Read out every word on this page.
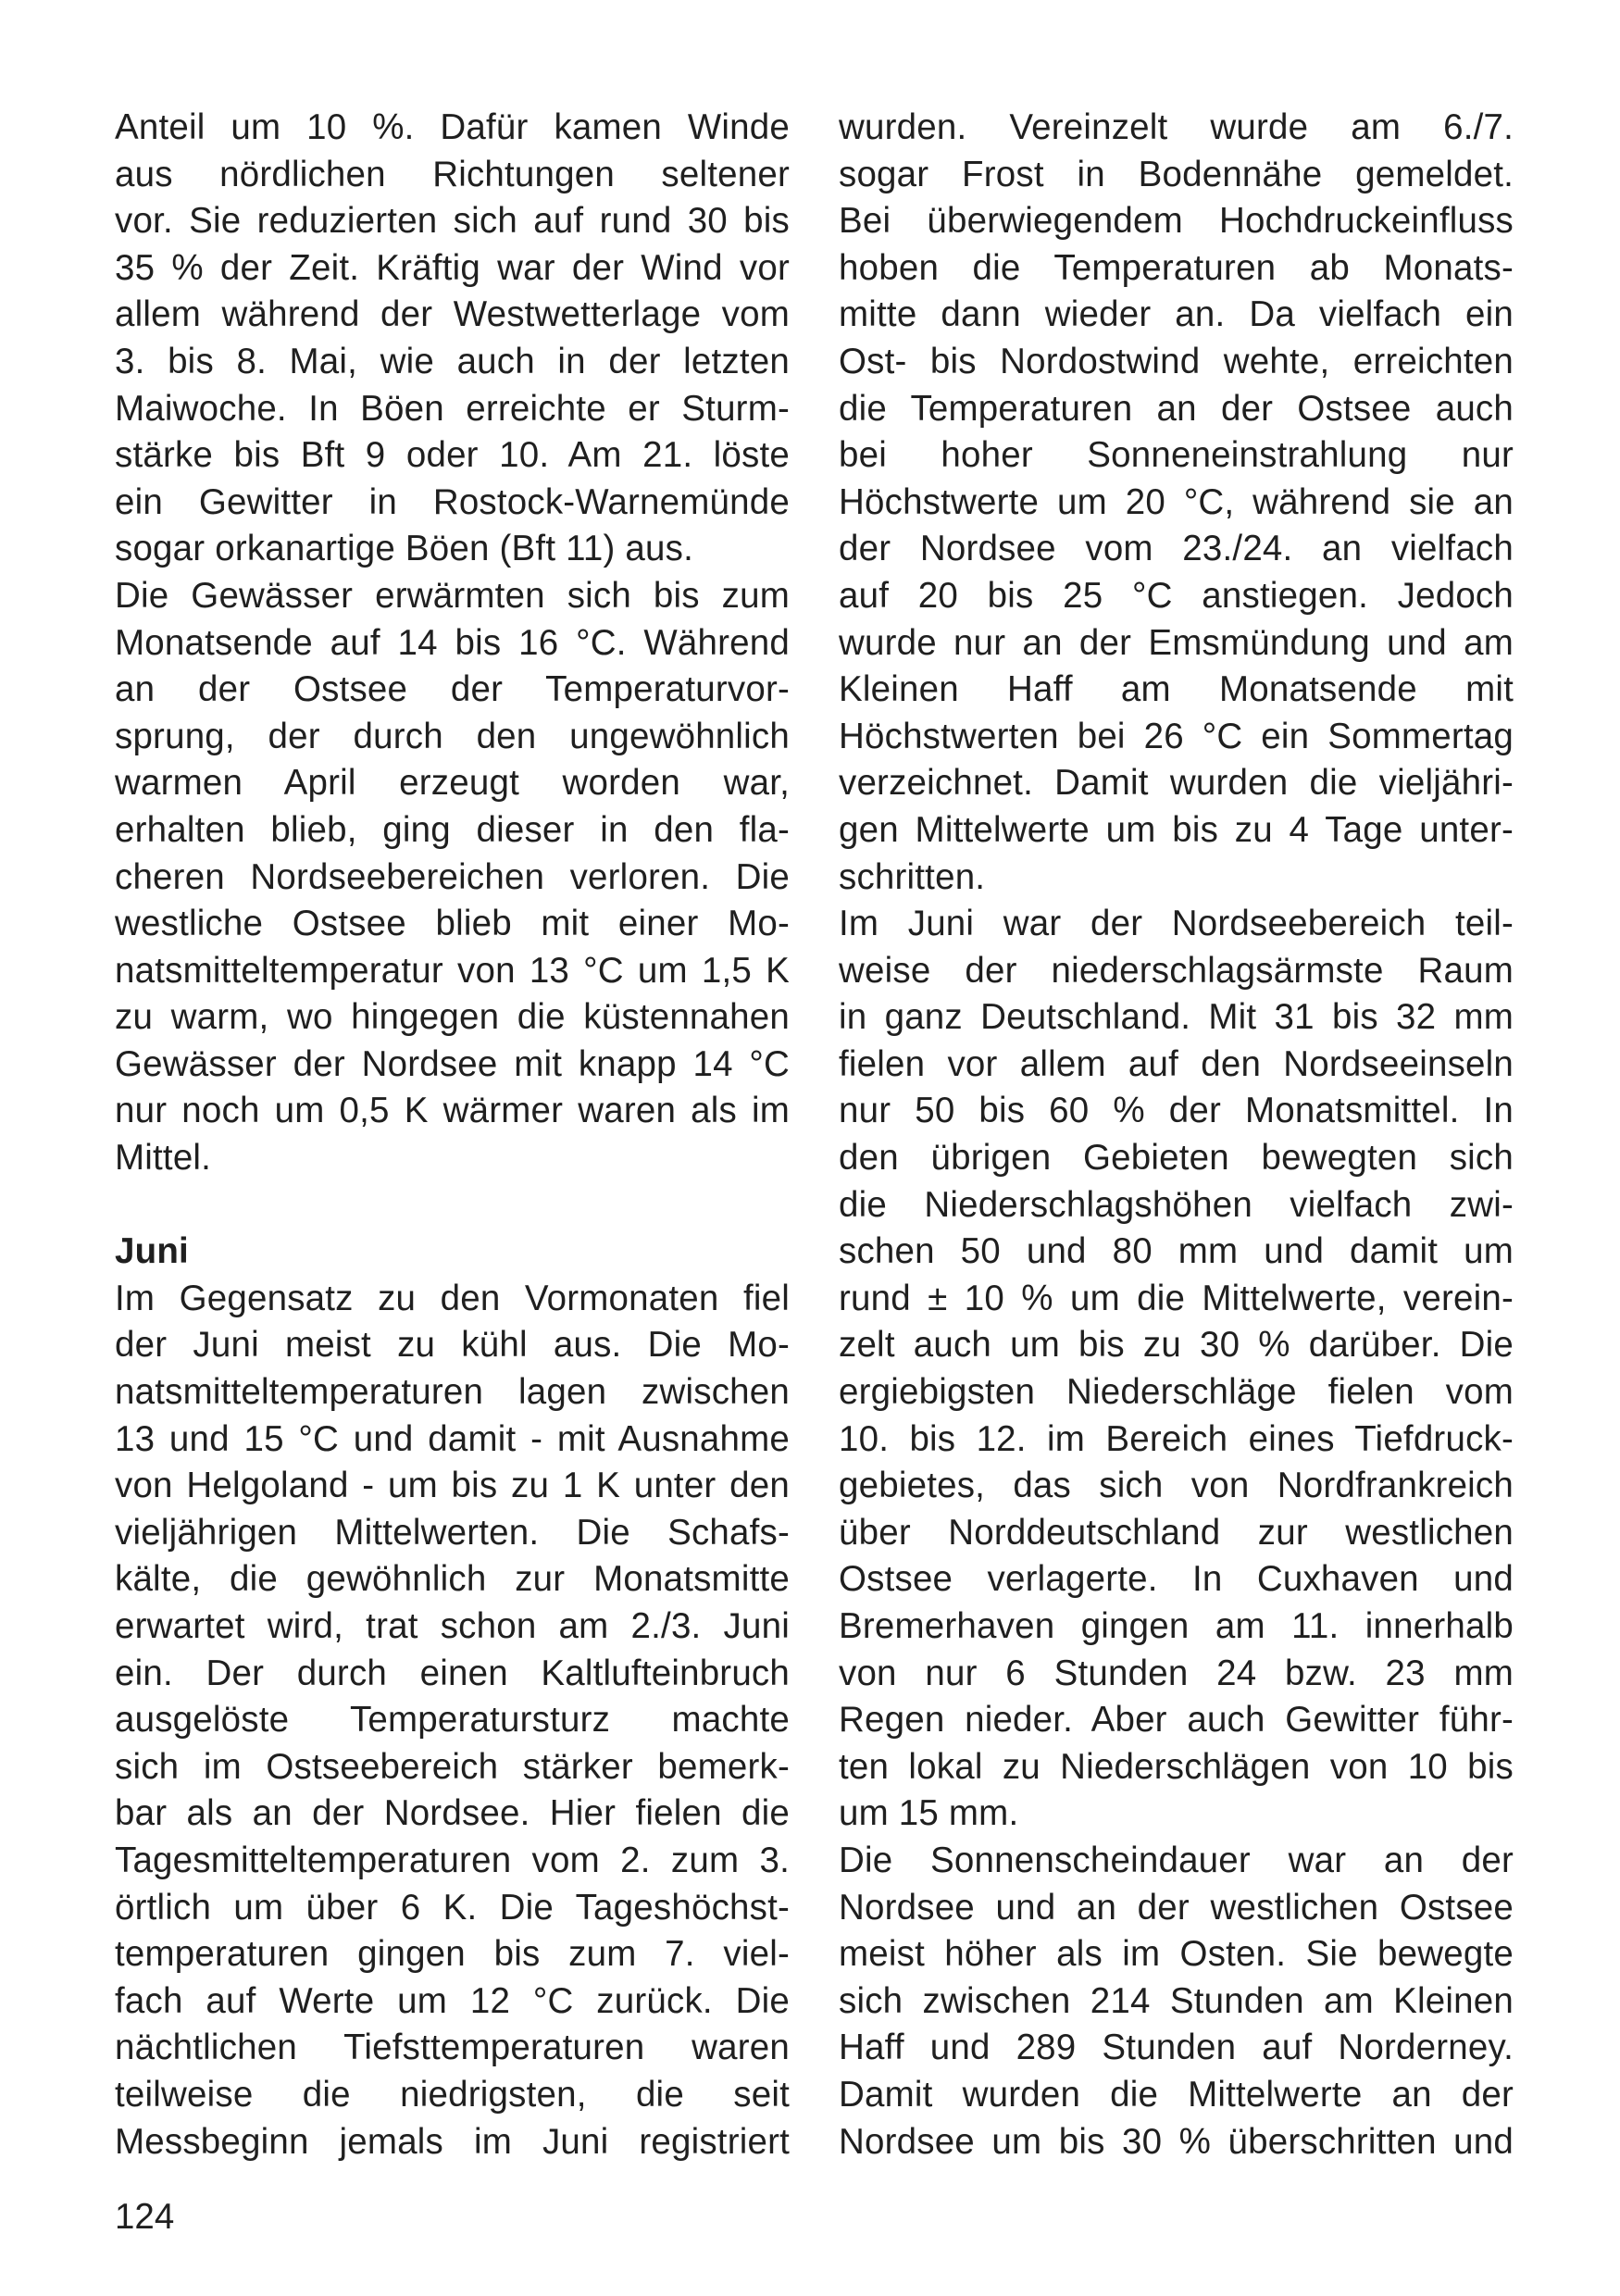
Anteil um 10 %. Dafür kamen Winde
aus nördlichen Richtungen seltener
vor. Sie reduzierten sich auf rund 30 bis
35 % der Zeit. Kräftig war der Wind vor
allem während der Westwetterlage vom
3. bis 8. Mai, wie auch in der letzten
Maiwoche. In Böen erreichte er Sturm-
stärke bis Bft 9 oder 10. Am 21. löste
ein Gewitter in Rostock-Warnemünde
sogar orkanartige Böen (Bft 11) aus.
Die Gewässer erwärmten sich bis zum
Monatsende auf 14 bis 16 °C. Während
an der Ostsee der Temperaturvor-
sprung, der durch den ungewöhnlich
warmen April erzeugt worden war,
erhalten blieb, ging dieser in den fla-
cheren Nordseebereichen verloren. Die
westliche Ostsee blieb mit einer Mo-
natsmitteltemperatur von 13 °C um 1,5 K
zu warm, wo hingegen die küstennahen
Gewässer der Nordsee mit knapp 14 °C
nur noch um 0,5 K wärmer waren als im
Mittel.
Juni
Im Gegensatz zu den Vormonaten fiel
der Juni meist zu kühl aus. Die Mo-
natsmitteltemperaturen lagen zwischen
13 und 15 °C und damit - mit Ausnahme
von Helgoland - um bis zu 1 K unter den
vieljährigen Mittelwerten. Die Schafs-
kälte, die gewöhnlich zur Monatsmitte
erwartet wird, trat schon am 2./3. Juni
ein. Der durch einen Kaltlufteinbruch
ausgelöste Temperatursturz machte
sich im Ostseebereich stärker bemerk-
bar als an der Nordsee. Hier fielen die
Tagesmitteltemperaturen vom 2. zum 3.
örtlich um über 6 K. Die Tageshöchst-
temperaturen gingen bis zum 7. viel-
fach auf Werte um 12 °C zurück. Die
nächtlichen Tiefsttemperaturen waren
teilweise die niedrigsten, die seit
Messbeginn jemals im Juni registriert
wurden. Vereinzelt wurde am 6./7.
sogar Frost in Bodennähe gemeldet.
Bei überwiegendem Hochdruckeinfluss
hoben die Temperaturen ab Monats-
mitte dann wieder an. Da vielfach ein
Ost- bis Nordostwind wehte, erreichten
die Temperaturen an der Ostsee auch
bei hoher Sonneneinstrahlung nur
Höchstwerte um 20 °C, während sie an
der Nordsee vom 23./24. an vielfach
auf 20 bis 25 °C anstiegen. Jedoch
wurde nur an der Emsmündung und am
Kleinen Haff am Monatsende mit
Höchstwerten bei 26 °C ein Sommertag
verzeichnet. Damit wurden die vieljähri-
gen Mittelwerte um bis zu 4 Tage unter-
schritten.
Im Juni war der Nordseebereich teil-
weise der niederschlagsärmste Raum
in ganz Deutschland. Mit 31 bis 32 mm
fielen vor allem auf den Nordseeinseln
nur 50 bis 60 % der Monatsmittel. In
den übrigen Gebieten bewegten sich
die Niederschlagshöhen vielfach zwi-
schen 50 und 80 mm und damit um
rund ± 10 % um die Mittelwerte, verein-
zelt auch um bis zu 30 % darüber. Die
ergiebigsten Niederschläge fielen vom
10. bis 12. im Bereich eines Tiefdruck-
gebietes, das sich von Nordfrankreich
über Norddeutschland zur westlichen
Ostsee verlagerte. In Cuxhaven und
Bremerhaven gingen am 11. innerhalb
von nur 6 Stunden 24 bzw. 23 mm
Regen nieder. Aber auch Gewitter führ-
ten lokal zu Niederschlägen von 10 bis
um 15 mm.
Die Sonnenscheindauer war an der
Nordsee und an der westlichen Ostsee
meist höher als im Osten. Sie bewegte
sich zwischen 214 Stunden am Kleinen
Haff und 289 Stunden auf Norderney.
Damit wurden die Mittelwerte an der
Nordsee um bis 30 % überschritten und
124
